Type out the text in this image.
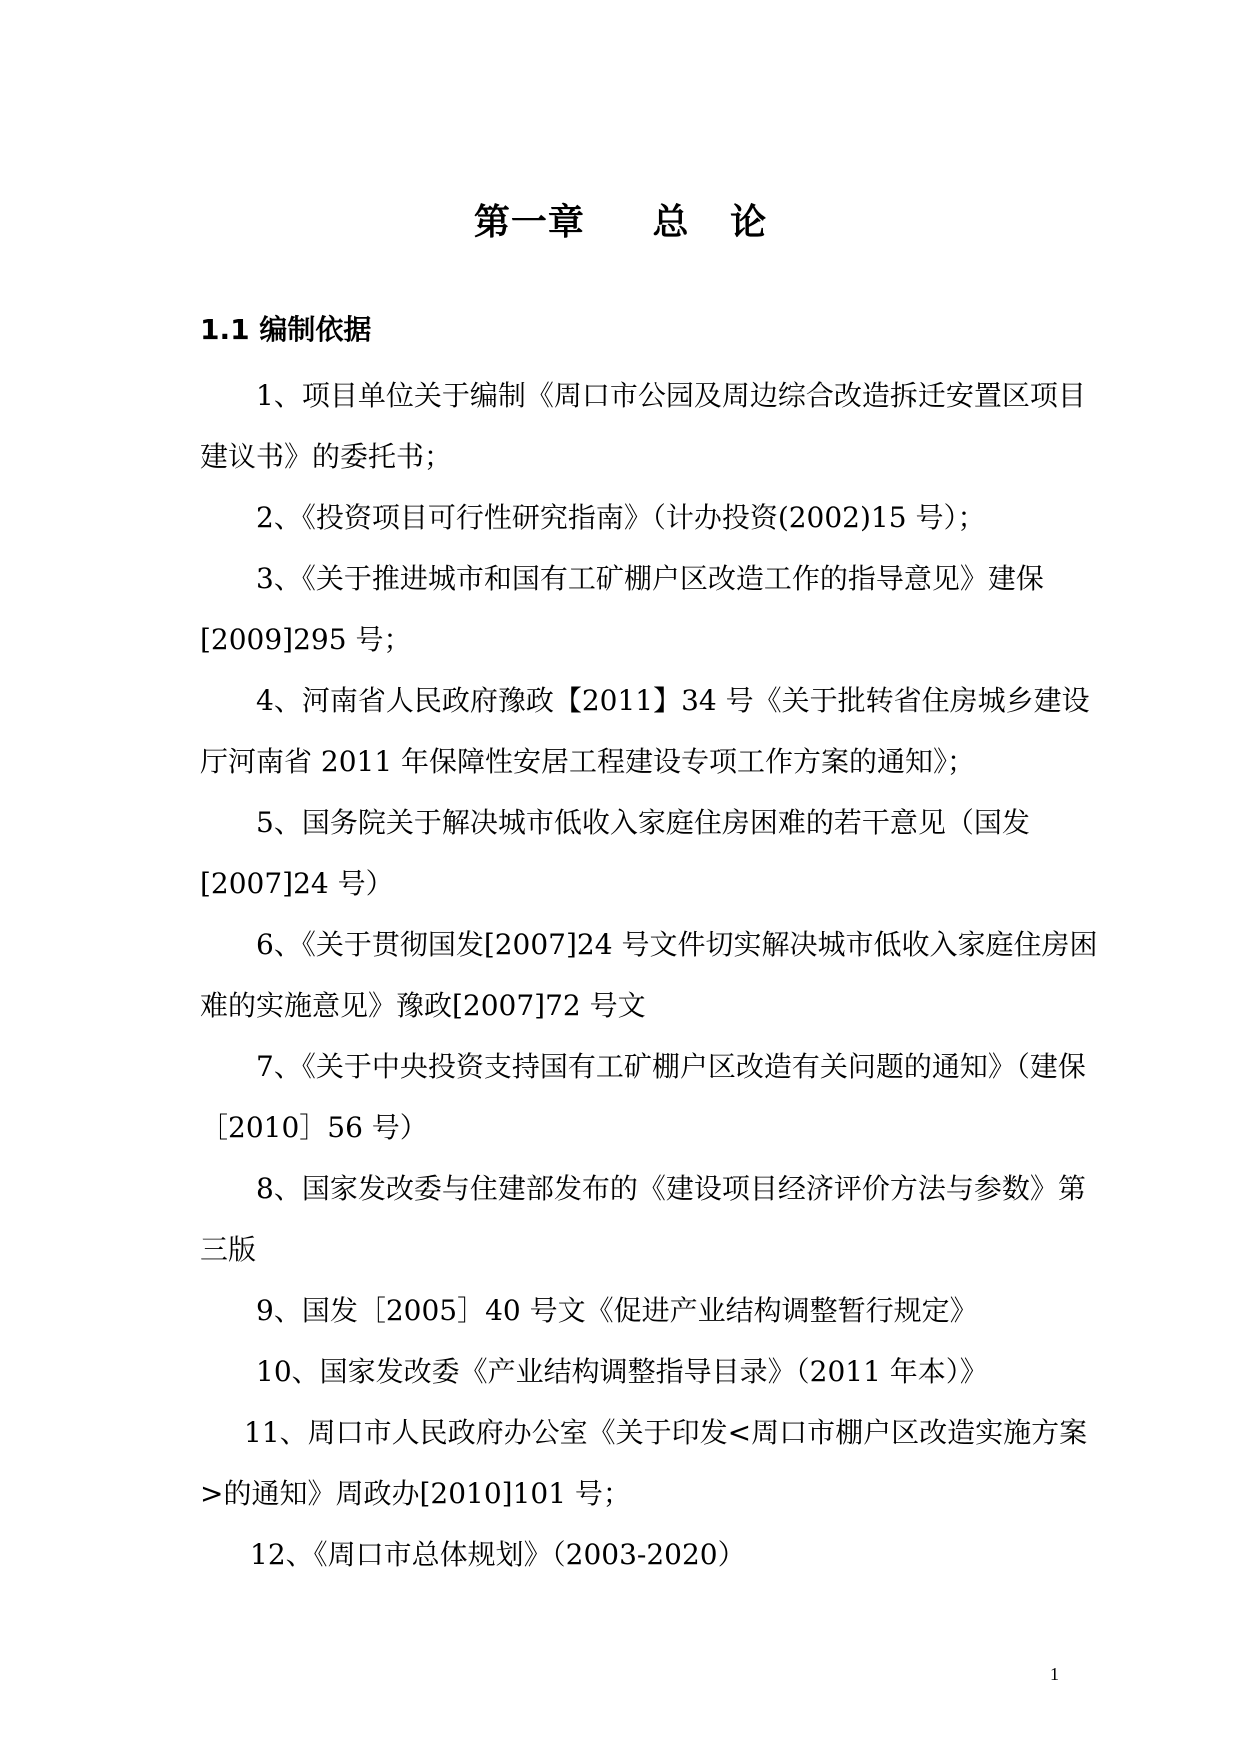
第一章     总   论
1.1 编制依据

1、项目单位关于编制《周口市公园及周边综合改造拆迁安置区项目建议书》的委托书；

2、《投资项目可行性研究指南》（计办投资(2002)15 号）；

3、《关于推进城市和国有工矿棚户区改造工作的指导意见》建保[2009]295 号；

4、河南省人民政府豫政【2011】34 号《关于批转省住房城乡建设厅河南省 2011 年保障性安居工程建设专项工作方案的通知》；

5、国务院关于解决城市低收入家庭住房困难的若干意见（国发[2007]24 号）

6、《关于贯彻国发[2007]24 号文件切实解决城市低收入家庭住房困难的实施意见》豫政[2007]72 号文

7、《关于中央投资支持国有工矿棚户区改造有关问题的通知》（建保［2010］56 号）

8、国家发改委与住建部发布的《建设项目经济评价方法与参数》第三版

9、国发［2005］40 号文《促进产业结构调整暂行规定》

10、国家发改委《产业结构调整指导目录》（2011 年本）》

11、周口市人民政府办公室《关于印发<周口市棚户区改造实施方案>的通知》周政办[2010]101 号；

12、《周口市总体规划》（2003-2020）

1
